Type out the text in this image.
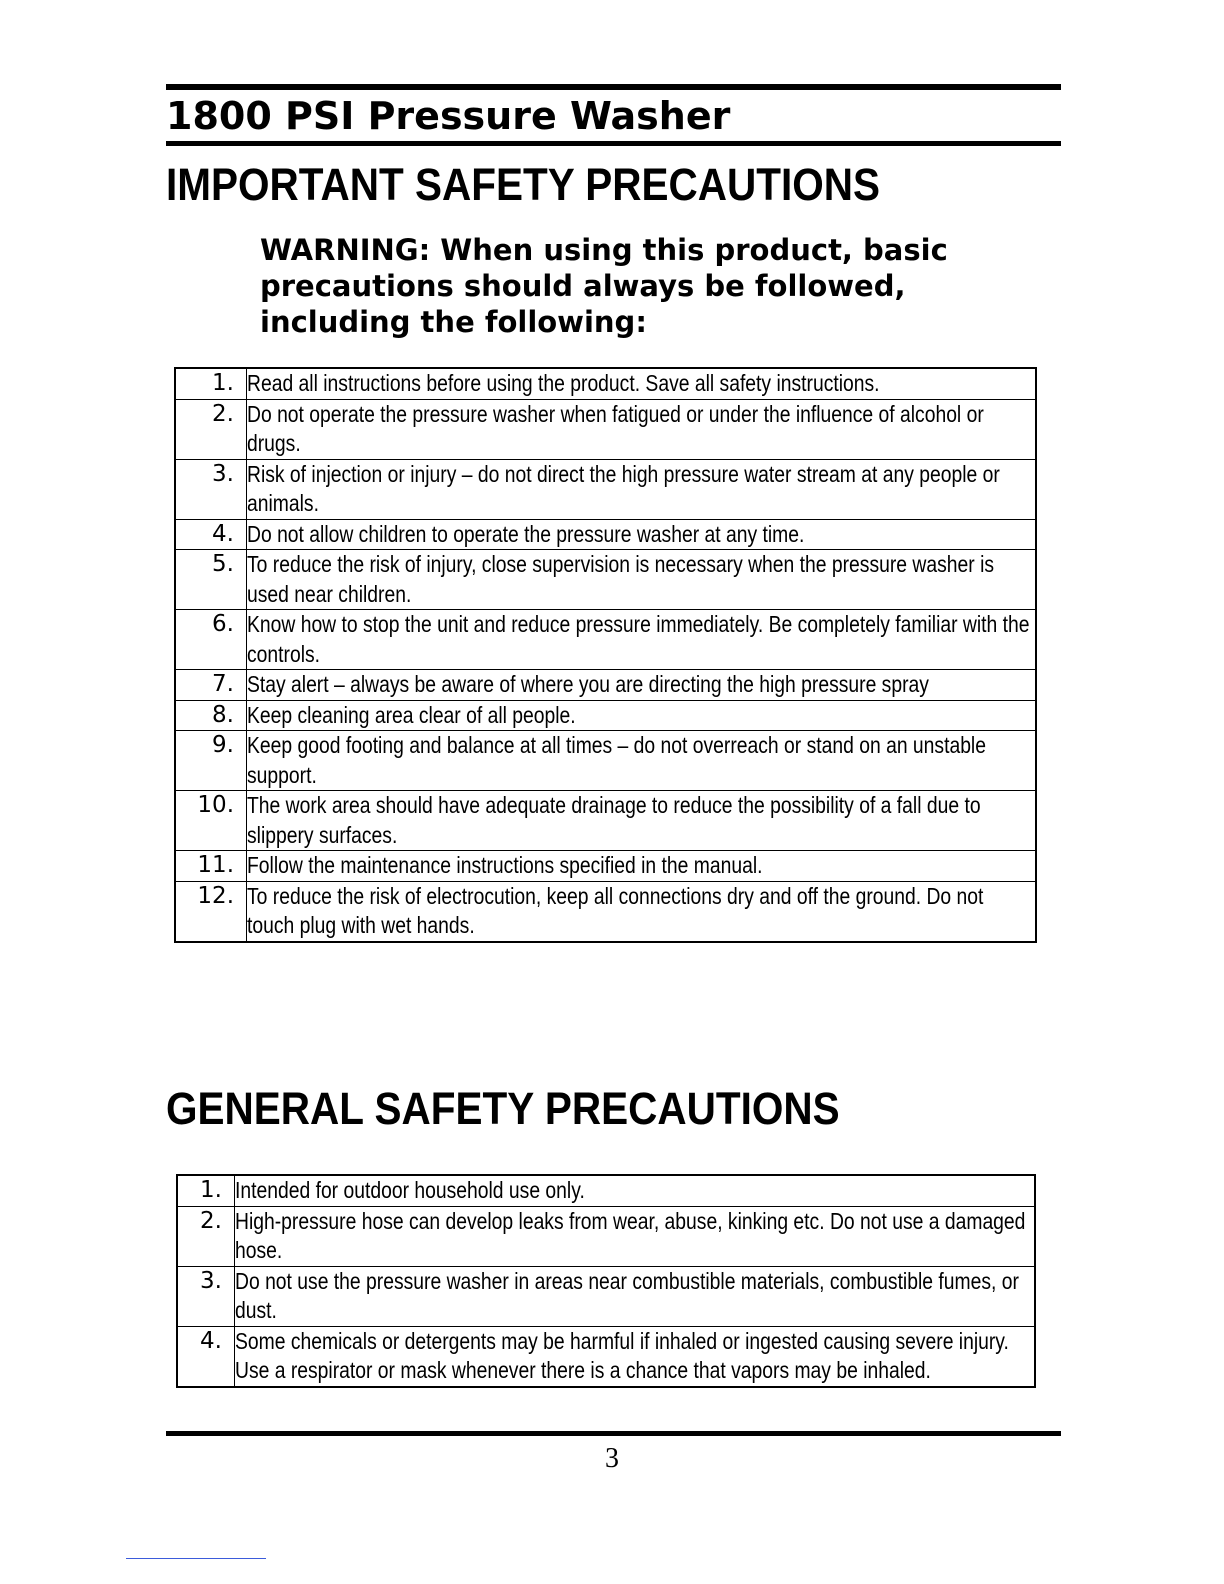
1800 PSI Pressure Washer
IMPORTANT SAFETY PRECAUTIONS

WARNING: When using this product, basic precautions should always be followed, including the following:

1.	Read all instructions before using the product. Save all safety instructions.
2.	Do not operate the pressure washer when fatigued or under the influence of alcohol or drugs.
3.	Risk of injection or injury – do not direct the high pressure water stream at any people or animals.
4.	Do not allow children to operate the pressure washer at any time.
5.	To reduce the risk of injury, close supervision is necessary when the pressure washer is used near children.
6.	Know how to stop the unit and reduce pressure immediately. Be completely familiar with the controls.
7.	Stay alert – always be aware of where you are directing the high pressure spray
8.	Keep cleaning area clear of all people.
9.	Keep good footing and balance at all times – do not overreach or stand on an unstable support.
10.	The work area should have adequate drainage to reduce the possibility of a fall due to slippery surfaces.
11.	Follow the maintenance instructions specified in the manual.
12.	To reduce the risk of electrocution, keep all connections dry and off the ground. Do not touch plug with wet hands.
GENERAL SAFETY PRECAUTIONS
1.	Intended for outdoor household use only.
2.	High-pressure hose can develop leaks from wear, abuse, kinking etc. Do not use a damaged hose.
3.	Do not use the pressure washer in areas near combustible materials, combustible fumes, or dust.
4.	Some chemicals or detergents may be harmful if inhaled or ingested causing severe injury. Use a respirator or mask whenever there is a chance that vapors may be inhaled.
3
